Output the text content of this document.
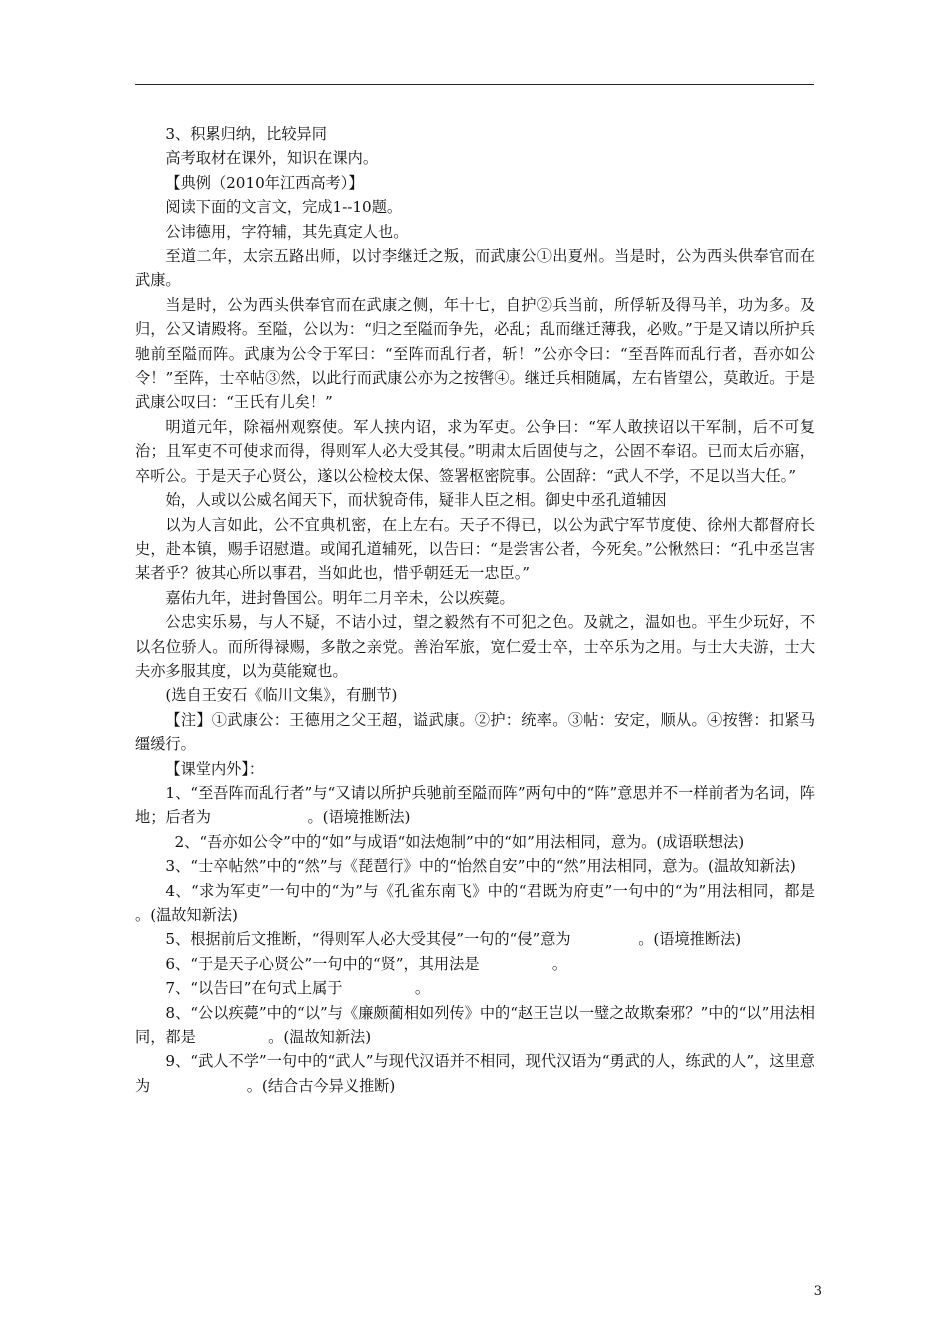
3、积累归纳，比较异同

高考取材在课外，知识在课内。

【典例（2010年江西高考）】

阅读下面的文言文，完成1--10题。

公讳德用，字符辅，其先真定人也。

至道二年，太宗五路出师，以讨李继迁之叛，而武康公①出夏州。当是时，公为西头供奉官而在武康。

当是时，公为西头供奉官而在武康之侧，年十七，自护②兵当前，所俘斩及得马羊，功为多。及归，公又请殿将。至隘，公以为：“归之至隘而争先，必乱；乱而继迁薄我，必败。”于是又请以所护兵驰前至隘而阵。武康为公令于军曰：“至阵而乱行者，斩！”公亦令曰：“至吾阵而乱行者，吾亦如公令！”至阵，士卒帖③然，以此行而武康公亦为之按辔④。继迁兵相随属，左右皆望公，莫敢近。于是武康公叹曰：“王氏有儿矣！”

明道元年，除福州观察使。军人挟内诏，求为军吏。公争曰：“军人敢挟诏以干军制，后不可复治；且军吏不可使求而得，得则军人必大受其侵。”明肃太后固使与之，公固不奉诏。已而太后亦寤，卒听公。于是天子心贤公，遂以公检校太保、签署枢密院事。公固辞：“武人不学，不足以当大任。”

始，人或以公威名闻天下，而状貌奇伟，疑非人臣之相。御史中丞孔道辅因

以为人言如此，公不宜典机密，在上左右。天子不得已，以公为武宁军节度使、徐州大都督府长史，赴本镇，赐手诏慰遣。或闻孔道辅死，以告曰：“是尝害公者，今死矣。”公愀然曰：“孔中丞岂害某者乎？彼其心所以事君，当如此也，惜乎朝廷无一忠臣。”

嘉佑九年，进封鲁国公。明年二月辛未，公以疾薨。

公忠实乐易，与人不疑，不诘小过，望之毅然有不可犯之色。及就之，温如也。平生少玩好，不以名位骄人。而所得禄赐，多散之亲党。善治军旅，宽仁爱士卒，士卒乐为之用。与士大夫游，士大夫亦多服其度，以为莫能窥也。

(选自王安石《临川文集》，有删节)

【注】①武康公：王德用之父王超，谥武康。②护：统率。③帖：安定，顺从。④按辔：扣紧马缰缓行。

【课堂内外】：

1、“至吾阵而乱行者”与“又请以所护兵驰前至隘而阵”两句中的“阵”意思并不一样前者为名词，阵地；后者为                    。(语境推断法)

2、“吾亦如公令”中的“如”与成语“如法炮制”中的“如”用法相同，意为。(成语联想法)

3、“士卒帖然”中的“然”与《琵琶行》中的“怡然自安”中的“然”用法相同，意为。(温故知新法)

4、“求为军吏”一句中的“为”与《孔雀东南飞》中的“君既为府吏”一句中的“为”用法相同，都是              。(温故知新法)

5、根据前后文推断，“得则军人必大受其侵”一句的“侵”意为              。(语境推断法)

6、“于是天子心贤公”一句中的“贤”，其用法是               。

7、“以告曰”在句式上属于               。

8、“公以疾薨”中的“以”与《廉颇蔺相如列传》中的“赵王岂以一璧之故欺秦邪？”中的“以”用法相同，都是               。(温故知新法)

9、“武人不学”一句中的“武人”与现代汉语并不相同，现代汉语为“勇武的人，练武的人”，这里意为                    。(结合古今异义推断)

3
